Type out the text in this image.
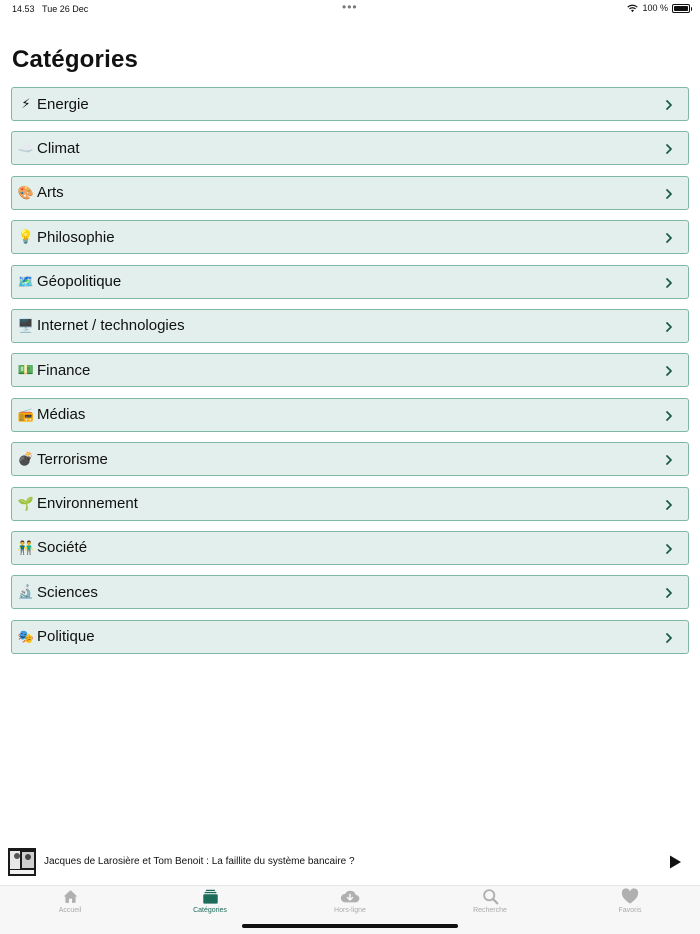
14.53 Tue 26 Dec	•••	100 %
Catégories
⚡ Energie
☁️ Climat
🎨 Arts
💡 Philosophie
🗺️ Géopolitique
🖥️ Internet / technologies
💵 Finance
📻 Médias
💣 Terrorisme
🌱 Environnement
👬 Société
🔬 Sciences
🎭 Politique
Jacques de Larosière et Tom Benoit : La faillite du système bancaire ?
Accueil	Catégories	Hors-ligne	Recherche	Favoris
